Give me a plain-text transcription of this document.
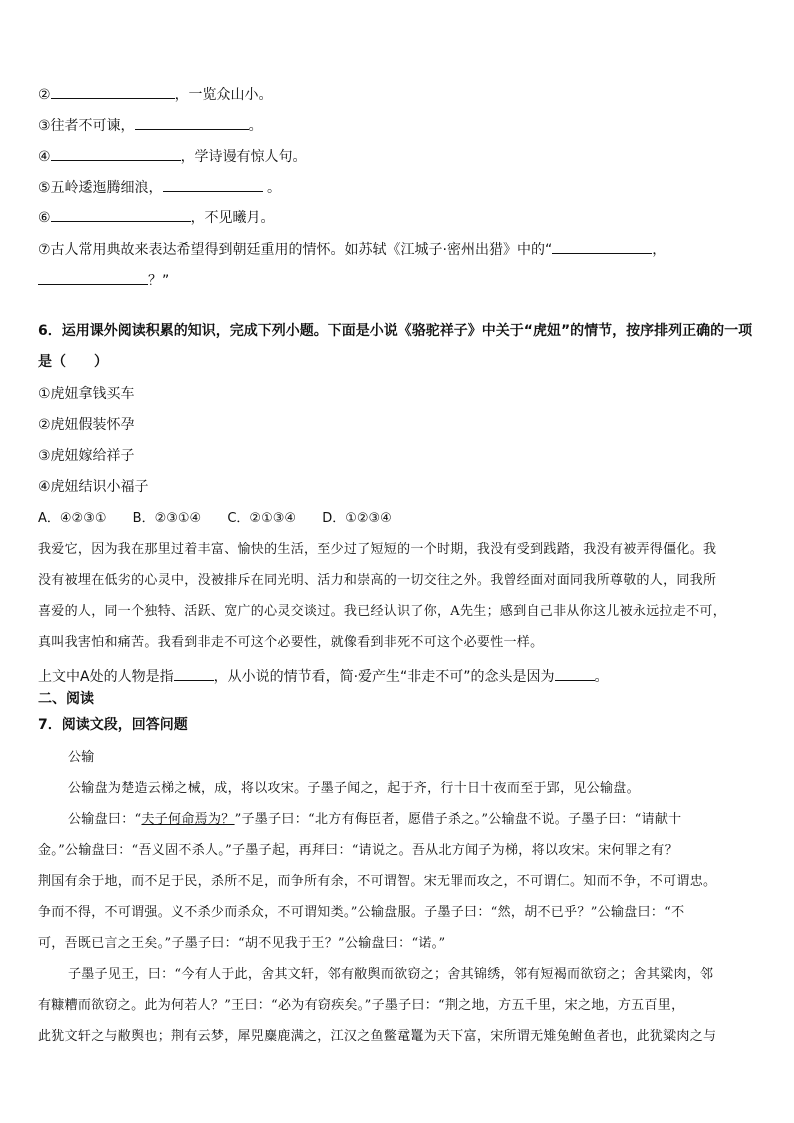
②	，一览众山小。
③往者不可谏，	。
④	，学诗谩有惊人句。
⑤五岭逶迤腾细浪，	。
⑥	，不见曦月。
⑦古人常用典故来表达希望得到朝廷重用的情怀。如苏轼《江城子·密州出猎》中的“	，
？”
6．运用课外阅读积累的知识，完成下列小题。下面是小说《骆驼祥子》中关于“虎妞”的情节，按序排列正确的一项
是（　　）
①虎妞拿钱买车
②虎妞假装怀孕
③虎妞嫁给祥子
④虎妞结识小福子
A．④②③① B．②③①④ C．②①③④ D．①②③④
我爱它，因为我在那里过着丰富、愉快的生活，至少过了短短的一个时期，我没有受到践踏，我没有被弄得僵化。我
没有被埋在低劣的心灵中，没被排斥在同光明、活力和崇高的一切交往之外。我曾经面对面同我所尊敬的人，同我所
喜爱的人，同一个独特、活跃、宽广的心灵交谈过。我已经认识了你，A先生；感到自己非从你这儿被永远拉走不可，
真叫我害怕和痛苦。我看到非走不可这个必要性，就像看到非死不可这个必要性一样。
上文中A处的人物是指	，从小说的情节看，简·爱产生“非走不可”的念头是因为	。
二、阅读
7．阅读文段，回答问题
公输
公输盘为楚造云梯之械，成，将以攻宋。子墨子闻之，起于齐，行十日十夜而至于郢，见公输盘。
公输盘曰：“夫子何命焉为？”子墨子曰：“北方有侮臣者，愿借子杀之。”公输盘不说。子墨子曰：“请献十
金。”公输盘曰：“吾义固不杀人。”子墨子起，再拜曰：“请说之。吾从北方闻子为梯，将以攻宋。宋何罪之有？
荆国有余于地，而不足于民，杀所不足，而争所有余，不可谓智。宋无罪而攻之，不可谓仁。知而不争，不可谓忠。
争而不得，不可谓强。义不杀少而杀众，不可谓知类。”公输盘服。子墨子曰：“然，胡不已乎？”公输盘曰：“不
可，吾既已言之王矣。”子墨子曰：“胡不见我于王？”公输盘曰：“诺。”
子墨子见王，曰：“今有人于此，舍其文轩，邻有敝舆而欲窃之；舍其锦绣，邻有短褐而欲窃之；舍其粱肉，邻
有糠糟而欲窃之。此为何若人？”王曰：“必为有窃疾矣。”子墨子曰：“荆之地，方五千里，宋之地，方五百里，
此犹文轩之与敝舆也；荆有云梦，犀兕麋鹿满之，江汉之鱼鳖鼋鼍为天下富，宋所谓无雉兔鲋鱼者也，此犹粱肉之与
